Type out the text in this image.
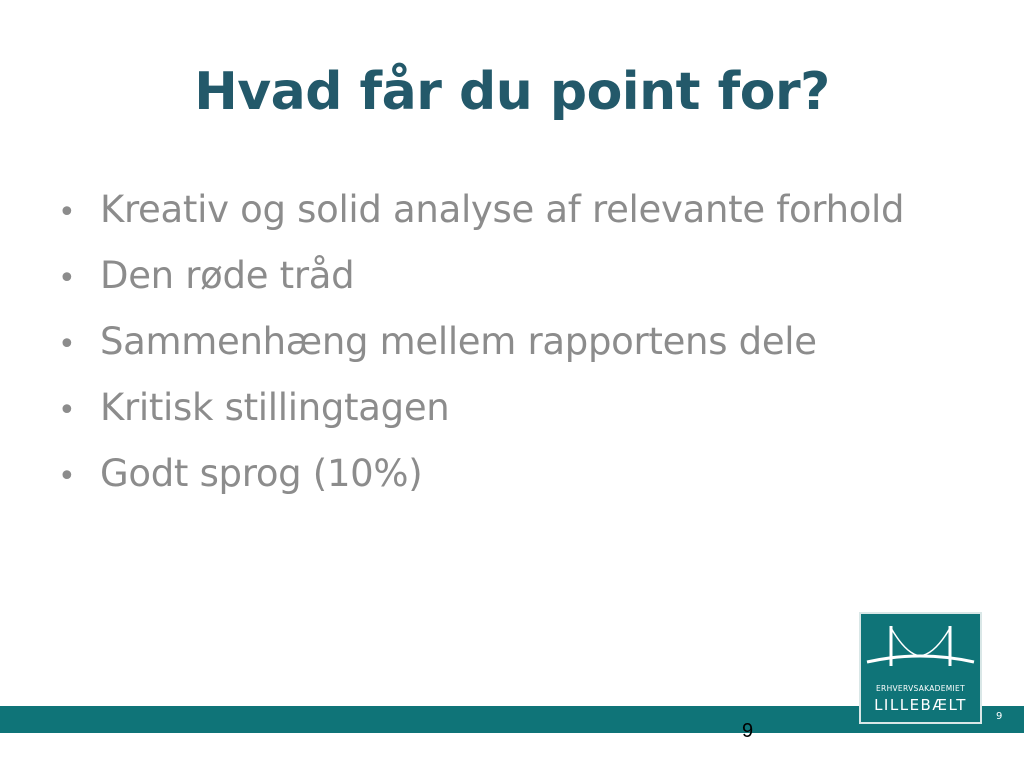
Hvad får du point for?
• Kreativ og solid analyse af relevante forhold
• Den røde tråd
• Sammenhæng mellem rapportens dele
• Kritisk stillingtagen
• Godt sprog (10%)
ERHVERVSAKADEMIET
LILLEBÆLT
9
9
